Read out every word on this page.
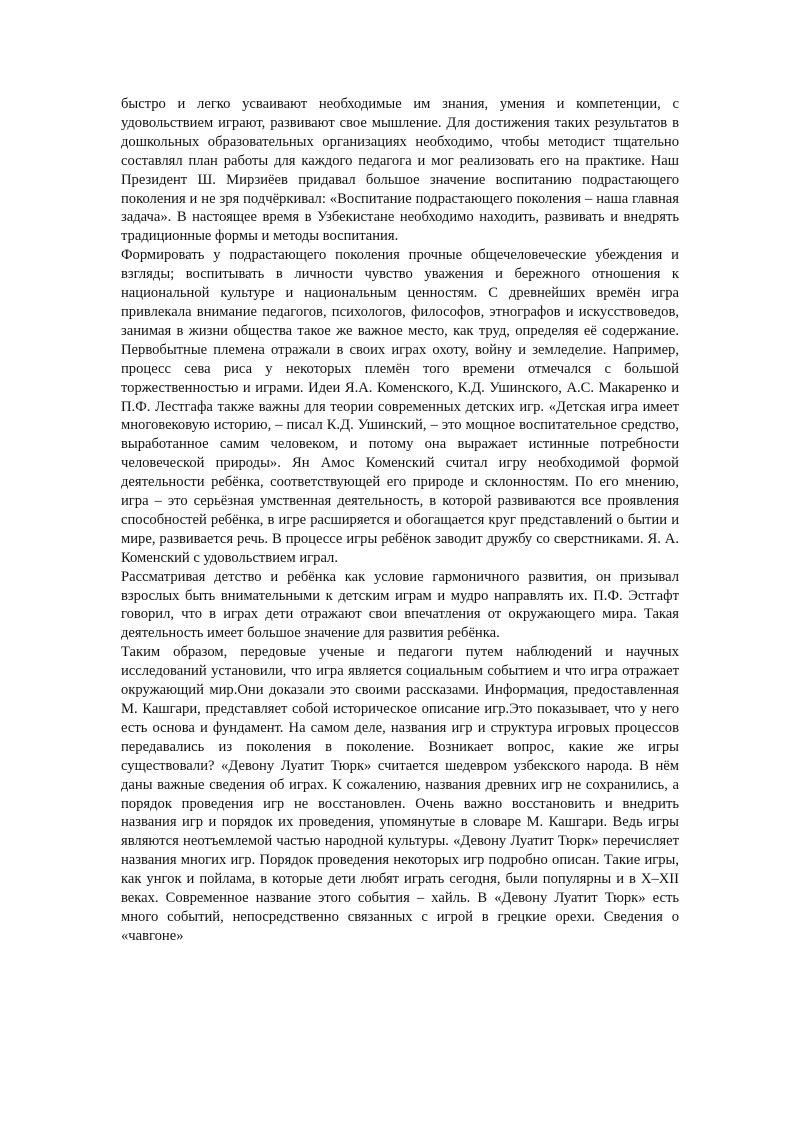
быстро и легко усваивают необходимые им знания, умения и компетенции, с удовольствием играют, развивают свое мышление. Для достижения таких результатов в дошкольных образовательных организациях необходимо, чтобы методист тщательно составлял план работы для каждого педагога и мог реализовать его на практике. Наш Президент Ш. Мирзиёев придавал большое значение воспитанию подрастающего поколения и не зря подчёркивал: «Воспитание подрастающего поколения – наша главная задача». В настоящее время в Узбекистане необходимо находить, развивать и внедрять традиционные формы и методы воспитания.

Формировать у подрастающего поколения прочные общечеловеческие убеждения и взгляды; воспитывать в личности чувство уважения и бережного отношения к национальной культуре и национальным ценностям. С древнейших времён игра привлекала внимание педагогов, психологов, философов, этнографов и искусствоведов, занимая в жизни общества такое же важное место, как труд, определяя её содержание. Первобытные племена отражали в своих играх охоту, войну и земледелие. Например, процесс сева риса у некоторых племён того времени отмечался с большой торжественностью и играми. Идеи Я.А. Коменского, К.Д. Ушинского, А.С. Макаренко и П.Ф. Лестгафа также важны для теории современных детских игр. «Детская игра имеет многовековую историю, – писал К.Д. Ушинский, – это мощное воспитательное средство, выработанное самим человеком, и потому она выражает истинные потребности человеческой природы». Ян Амос Коменский считал игру необходимой формой деятельности ребёнка, соответствующей его природе и склонностям. По его мнению, игра – это серьёзная умственная деятельность, в которой развиваются все проявления способностей ребёнка, в игре расширяется и обогащается круг представлений о бытии и мире, развивается речь. В процессе игры ребёнок заводит дружбу со сверстниками. Я. А. Коменский с удовольствием играл.

Рассматривая детство и ребёнка как условие гармоничного развития, он призывал взрослых быть внимательными к детским играм и мудро направлять их. П.Ф. Эстгафт говорил, что в играх дети отражают свои впечатления от окружающего мира. Такая деятельность имеет большое значение для развития ребёнка.

Таким образом, передовые ученые и педагоги путем наблюдений и научных исследований установили, что игра является социальным событием и что игра отражает окружающий мир.Они доказали это своими рассказами. Информация, предоставленная М. Кашгари, представляет собой историческое описание игр.Это показывает, что у него есть основа и фундамент. На самом деле, названия игр и структура игровых процессов передавались из поколения в поколение. Возникает вопрос, какие же игры существовали? «Девону Луатит Тюрк» считается шедевром узбекского народа. В нём даны важные сведения об играх. К сожалению, названия древних игр не сохранились, а порядок проведения игр не восстановлен. Очень важно восстановить и внедрить названия игр и порядок их проведения, упомянутые в словаре М. Кашгари. Ведь игры являются неотъемлемой частью народной культуры. «Девону Луатит Тюрк» перечисляет названия многих игр. Порядок проведения некоторых игр подробно описан. Такие игры, как унгок и пойлама, в которые дети любят играть сегодня, были популярны и в X–XII веках. Современное название этого события – хайль. В «Девону Луатит Тюрк» есть много событий, непосредственно связанных с игрой в грецкие орехи. Сведения о «чавгоне»
